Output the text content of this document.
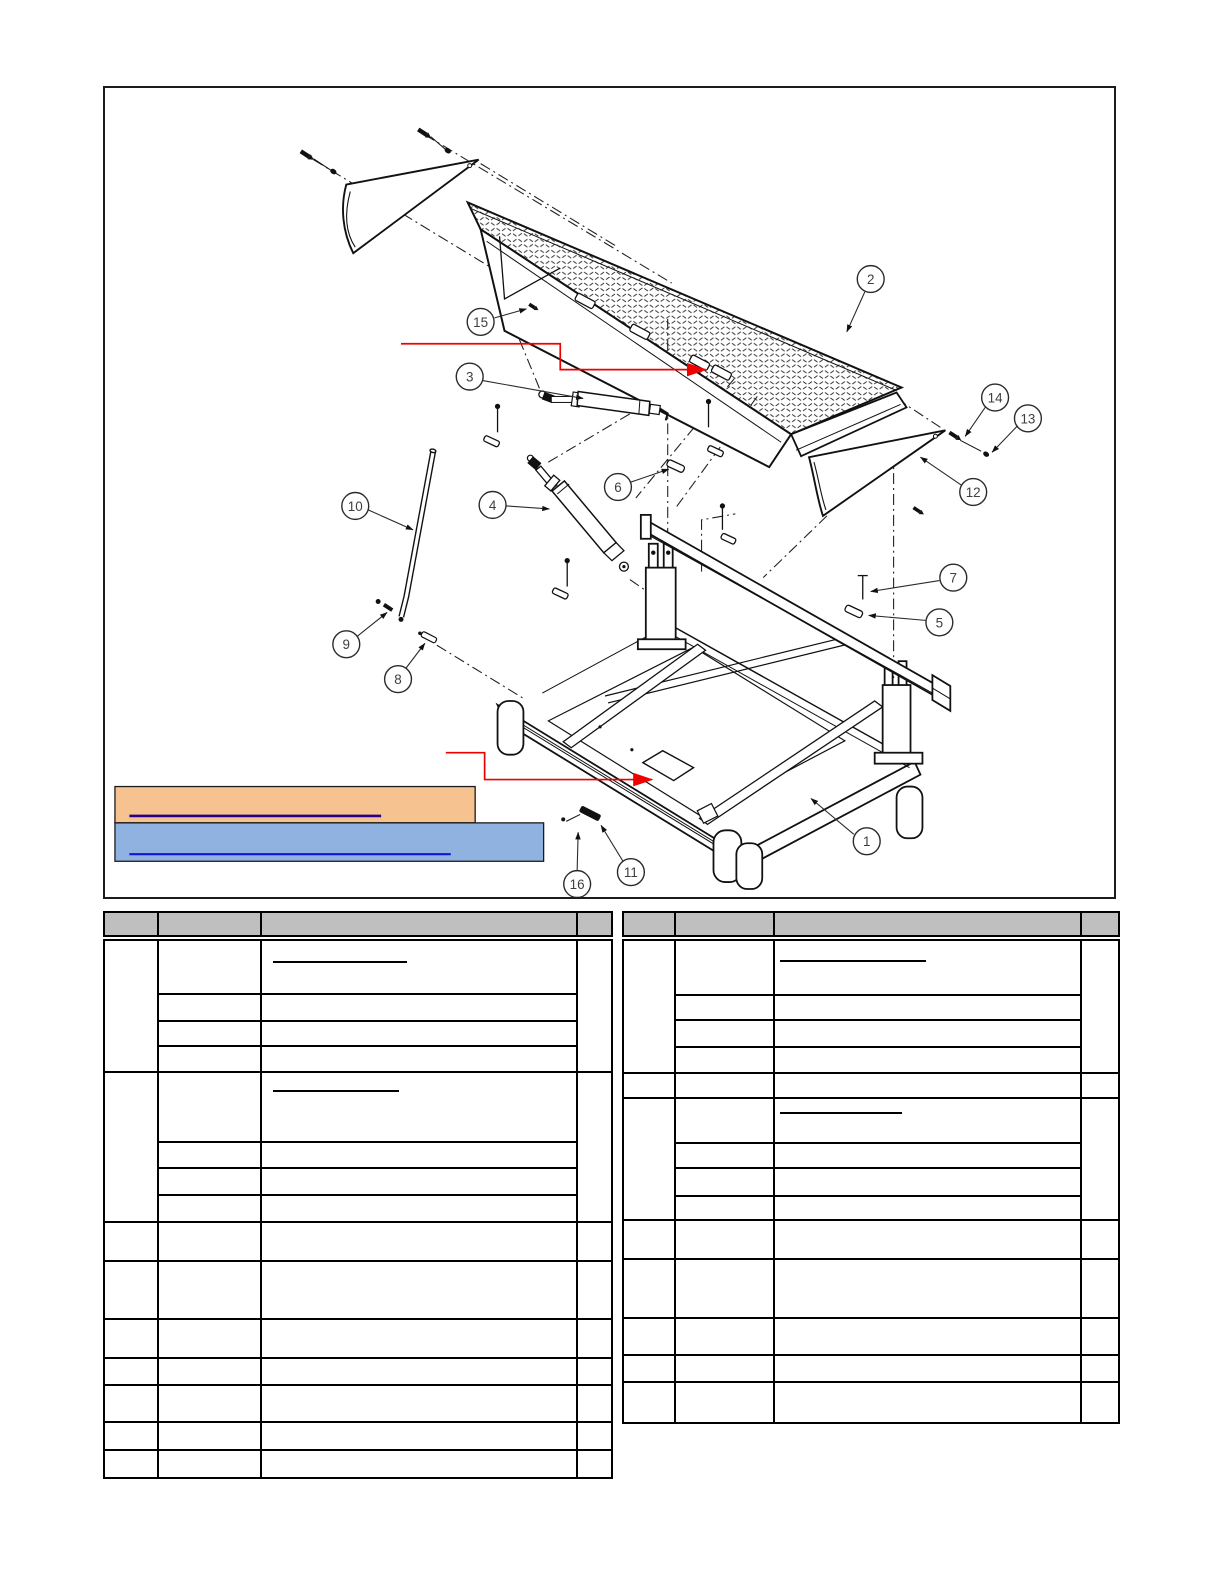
1
2
3
4
5
6
7
8
9
10
11
12
13
14
15
16
